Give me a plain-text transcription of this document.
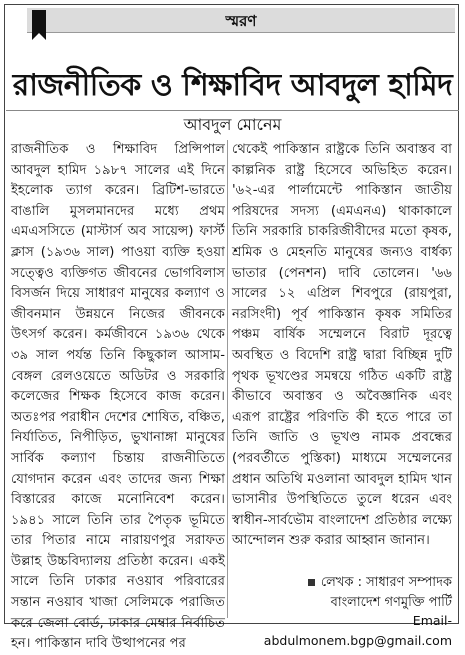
স্মরণ
রাজনীতিক ও শিক্ষাবিদ আবদুল হামিদ
আবদুল মোনেম

রাজনীতিক ও শিক্ষাবিদ প্রিন্সিপাল আবদুল হামিদ ১৯৮৭ সালের এই দিনে ইহলোক ত্যাগ করেন। ব্রিটিশ-ভারতে বাঙালি মুসলমানদের মধ্যে প্রথম এমএসসিতে (মাস্টার্স অব সায়েন্স) ফার্স্ট ক্লাস (১৯৩৬ সাল) পাওয়া ব্যক্তি হওয়া সত্ত্বেও ব্যক্তিগত জীবনের ভোগবিলাস বিসর্জন দিয়ে সাধারণ মানুষের কল্যাণ ও জীবনমান উন্নয়নে নিজের জীবনকে উৎসর্গ করেন। কর্মজীবনে ১৯৩৬ থেকে ৩৯ সাল পর্যন্ত তিনি কিছুকাল আসাম-বেঙ্গল রেলওয়েতে অডিটর ও সরকারি কলেজের শিক্ষক হিসেবে কাজ করেন। অতঃপর পরাধীন দেশের শোষিত, বঞ্চিত, নির্যাতিত, নিপীড়িত, ভুখানাঙ্গা মানুষের সার্বিক কল্যাণ চিন্তায় রাজনীতিতে যোগদান করেন এবং তাদের জন্য শিক্ষা বিস্তারের কাজে মনোনিবেশ করেন। ১৯৪১ সালে তিনি তার পৈতৃক ভূমিতে তার পিতার নামে নারায়ণপুর সরাফত উল্লাহ উচ্চবিদ্যালয় প্রতিষ্ঠা করেন। একই সালে তিনি ঢাকার নওয়াব পরিবারের সন্তান নওয়াব খাজা সেলিমকে পরাজিত করে জেলা বোর্ড, ঢাকার মেম্বার নির্বাচিত হন। পাকিস্তান দাবি উত্থাপনের পর

থেকেই পাকিস্তান রাষ্ট্রকে তিনি অবাস্তব বা কাল্পনিক রাষ্ট্র হিসেবে অভিহিত করেন। '৬২-এর পার্লামেন্টে পাকিস্তান জাতীয় পরিষদের সদস্য (এমএনএ) থাকাকালে তিনি সরকারি চাকরিজীবীদের মতো কৃষক, শ্রমিক ও মেহনতি মানুষের জন্যও বার্ধক্য ভাতার (পেনশন) দাবি তোলেন। '৬৬ সালের ১২ এপ্রিল শিবপুরে (রায়পুরা, নরসিংদী) পূর্ব পাকিস্তান কৃষক সমিতির পঞ্চম বার্ষিক সম্মেলনে বিরাট দূরত্বে অবস্থিত ও বিদেশি রাষ্ট্র দ্বারা বিচ্ছিন্ন দুটি পৃথক ভূখণ্ডের সমন্বয়ে গঠিত একটি রাষ্ট্র কীভাবে অবাস্তব ও অবৈজ্ঞানিক এবং এরূপ রাষ্ট্রের পরিণতি কী হতে পারে তা তিনি জাতি ও ভূখণ্ড নামক প্রবন্ধের (পরবর্তীতে পুস্তিকা) মাধ্যমে সম্মেলনের প্রধান অতিথি মওলানা আবদুল হামিদ খান ভাসানীর উপস্থিতিতে তুলে ধরেন এবং স্বাধীন-সার্বভৌম বাংলাদেশ প্রতিষ্ঠার লক্ষ্যে আন্দোলন শুরু করার আহ্বান জানান।

লেখক : সাধারণ সম্পাদক
বাংলাদেশ গণমুক্তি পার্টি
Email-abdulmonem.bgp@gmail.com
